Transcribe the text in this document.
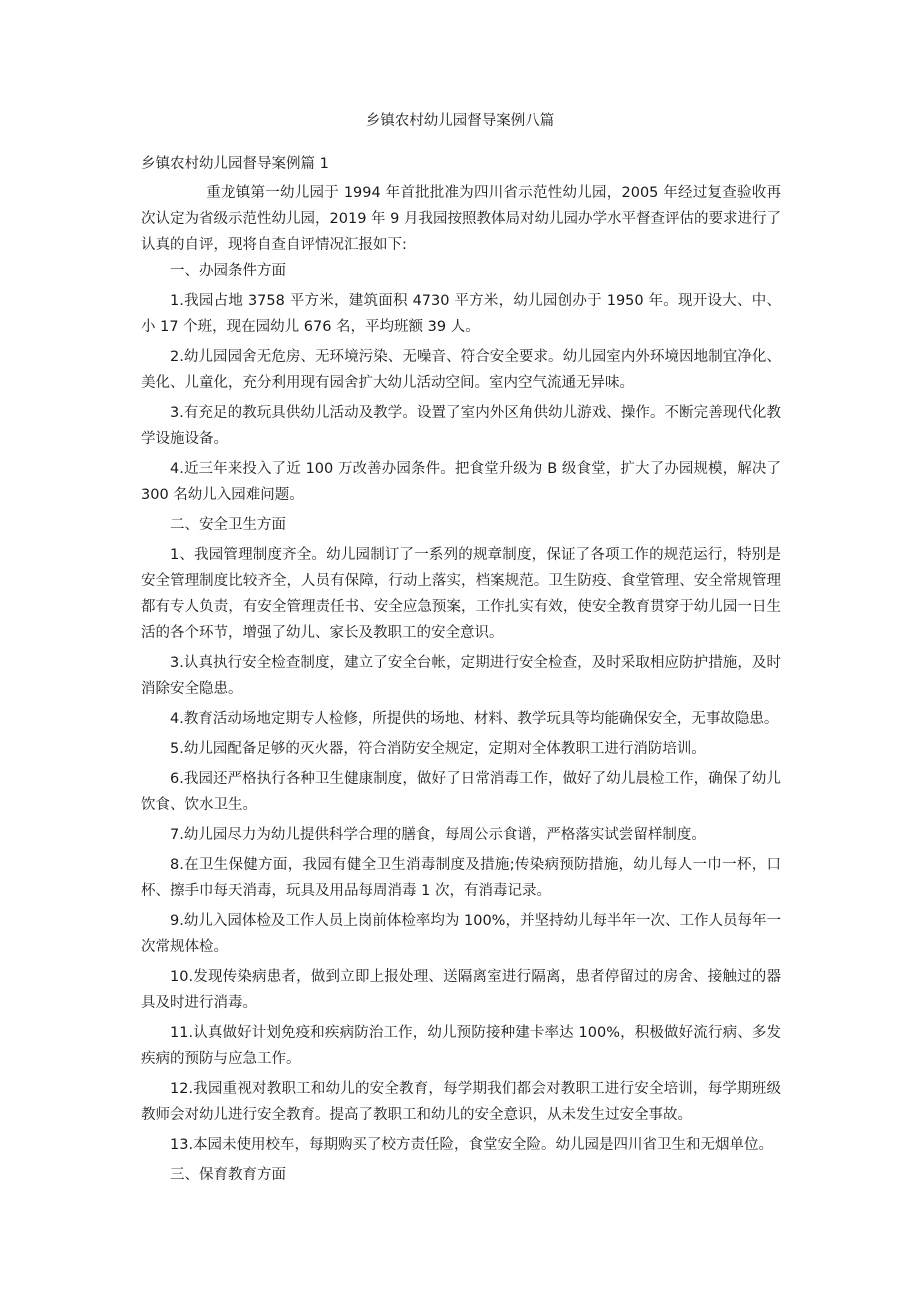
乡镇农村幼儿园督导案例八篇

乡镇农村幼儿园督导案例篇 1

重龙镇第一幼儿园于 1994 年首批批准为四川省示范性幼儿园，2005 年经过复查验收再次认定为省级示范性幼儿园，2019 年 9 月我园按照教体局对幼儿园办学水平督查评估的要求进行了认真的自评，现将自查自评情况汇报如下:

一、办园条件方面

1.我园占地 3758 平方米，建筑面积 4730 平方米，幼儿园创办于 1950 年。现开设大、中、小 17 个班，现在园幼儿 676 名，平均班额 39 人。

2.幼儿园园舍无危房、无环境污染、无噪音、符合安全要求。幼儿园室内外环境因地制宜净化、美化、儿童化，充分利用现有园舍扩大幼儿活动空间。室内空气流通无异味。

3.有充足的教玩具供幼儿活动及教学。设置了室内外区角供幼儿游戏、操作。不断完善现代化教学设施设备。

4.近三年来投入了近 100 万改善办园条件。把食堂升级为 B 级食堂，扩大了办园规模，解决了 300 名幼儿入园难问题。

二、安全卫生方面

1、我园管理制度齐全。幼儿园制订了一系列的规章制度，保证了各项工作的规范运行，特别是安全管理制度比较齐全，人员有保障，行动上落实，档案规范。卫生防疫、食堂管理、安全常规管理都有专人负责，有安全管理责任书、安全应急预案，工作扎实有效，使安全教育贯穿于幼儿园一日生活的各个环节，增强了幼儿、家长及教职工的安全意识。

3.认真执行安全检查制度，建立了安全台帐，定期进行安全检查，及时采取相应防护措施，及时消除安全隐患。

4.教育活动场地定期专人检修，所提供的场地、材料、教学玩具等均能确保安全，无事故隐患。

5.幼儿园配备足够的灭火器，符合消防安全规定，定期对全体教职工进行消防培训。

6.我园还严格执行各种卫生健康制度，做好了日常消毒工作，做好了幼儿晨检工作，确保了幼儿饮食、饮水卫生。

7.幼儿园尽力为幼儿提供科学合理的膳食，每周公示食谱，严格落实试尝留样制度。

8.在卫生保健方面，我园有健全卫生消毒制度及措施;传染病预防措施，幼儿每人一巾一杯，口杯、擦手巾每天消毒，玩具及用品每周消毒 1 次，有消毒记录。

9.幼儿入园体检及工作人员上岗前体检率均为 100%，并坚持幼儿每半年一次、工作人员每年一次常规体检。

10.发现传染病患者，做到立即上报处理、送隔离室进行隔离，患者停留过的房舍、接触过的器具及时进行消毒。

11.认真做好计划免疫和疾病防治工作，幼儿预防接种建卡率达 100%，积极做好流行病、多发疾病的预防与应急工作。

12.我园重视对教职工和幼儿的安全教育，每学期我们都会对教职工进行安全培训，每学期班级教师会对幼儿进行安全教育。提高了教职工和幼儿的安全意识，从未发生过安全事故。

13.本园未使用校车，每期购买了校方责任险，食堂安全险。幼儿园是四川省卫生和无烟单位。

三、保育教育方面
